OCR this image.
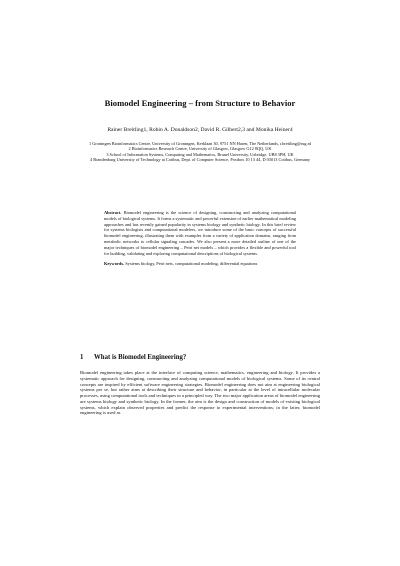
Biomodel Engineering – from Structure to Behavior
Rainer Breitling1, Robin A. Donaldson2, David R. Gilbert2,3 and Monika Heiner4
1 Groningen Bioinformatics Centre, University of Groningen, Kerklaan 30, 9751 NN Haren, The Netherlands, r.breitling@rug.nl
2 Bioinformatics Research Centre, University of Glasgow, Glasgow G12 8QQ, UK
3 School of Information Systems, Computing and Mathematics, Brunel University, Uxbridge, UB8 3PH, UK
4 Brandenburg University of Technology at Cottbus, Dept. of Computer Science, Postbox 10 13 44, D 03013 Cottbus, Germany
Abstract. Biomodel engineering is the science of designing, constructing and analyzing computational models of biological systems. It forms a systematic and powerful extension of earlier mathematical modeling approaches and has recently gained popularity in systems biology and synthetic biology. In this brief review for systems biologists and computational modelers, we introduce some of the basic concepts of successful biomodel engineering, illustrating them with examples from a variety of application domains, ranging from metabolic networks to cellular signaling cascades. We also present a more detailed outline of one of the major techniques of biomodel engineering – Petri net models – which provides a flexible and powerful tool for building, validating and exploring computational descriptions of biological systems.
Keywords. Systems biology, Petri nets, computational modeling, differential equations
1 What is Biomodel Engineering?

Biomodel engineering takes place at the interface of computing science, mathematics, engineering and biology. It provides a systematic approach for designing, constructing and analyzing computational models of biological systems. Some of its central concepts are inspired by efficient software engineering strategies. Biomodel engineering does not aim at engineering biological systems per se, but rather aims at describing their structure and behavior, in particular at the level of intracellular molecular processes, using computational tools and techniques in a principled way. The two major application areas of biomodel engineering are systems biology and synthetic biology. In the former, the aim is the design and construction of models of existing biological systems, which explain observed properties and predict the response to experimental interventions; in the latter, biomodel engineering is used as
